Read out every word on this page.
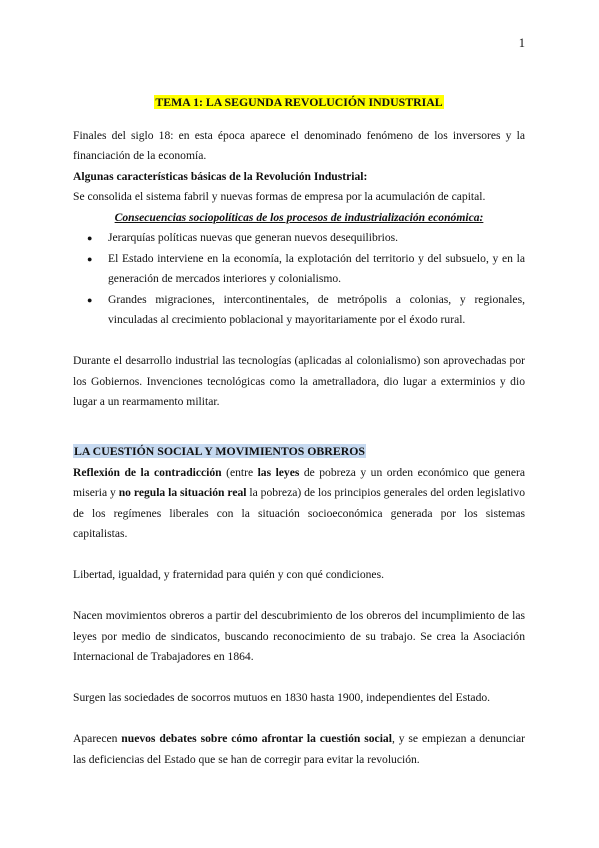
1
TEMA 1: LA SEGUNDA REVOLUCIÓN INDUSTRIAL

Finales del siglo 18: en esta época aparece el denominado fenómeno de los inversores y la financiación de la economía.

Algunas características básicas de la Revolución Industrial:

Se consolida el sistema fabril y nuevas formas de empresa por la acumulación de capital.

Consecuencias sociopolíticas de los procesos de industrialización económica:
● Jerarquías políticas nuevas que generan nuevos desequilibrios.
● El Estado interviene en la economía, la explotación del territorio y del subsuelo, y en la generación de mercados interiores y colonialismo.
● Grandes migraciones, intercontinentales, de metrópolis a colonias, y regionales, vinculadas al crecimiento poblacional y mayoritariamente por el éxodo rural.

Durante el desarrollo industrial las tecnologías (aplicadas al colonialismo) son aprovechadas por los Gobiernos. Invenciones tecnológicas como la ametralladora, dio lugar a exterminios y dio lugar a un rearmamento militar.

LA CUESTIÓN SOCIAL Y MOVIMIENTOS OBREROS

Reflexión de la contradicción (entre las leyes de pobreza y un orden económico que genera miseria y no regula la situación real la pobreza) de los principios generales del orden legislativo de los regímenes liberales con la situación socioeconómica generada por los sistemas capitalistas.

Libertad, igualdad, y fraternidad para quién y con qué condiciones.

Nacen movimientos obreros a partir del descubrimiento de los obreros del incumplimiento de las leyes por medio de sindicatos, buscando reconocimiento de su trabajo. Se crea la Asociación Internacional de Trabajadores en 1864.

Surgen las sociedades de socorros mutuos en 1830 hasta 1900, independientes del Estado.

Aparecen nuevos debates sobre cómo afrontar la cuestión social, y se empiezan a denunciar las deficiencias del Estado que se han de corregir para evitar la revolución.
